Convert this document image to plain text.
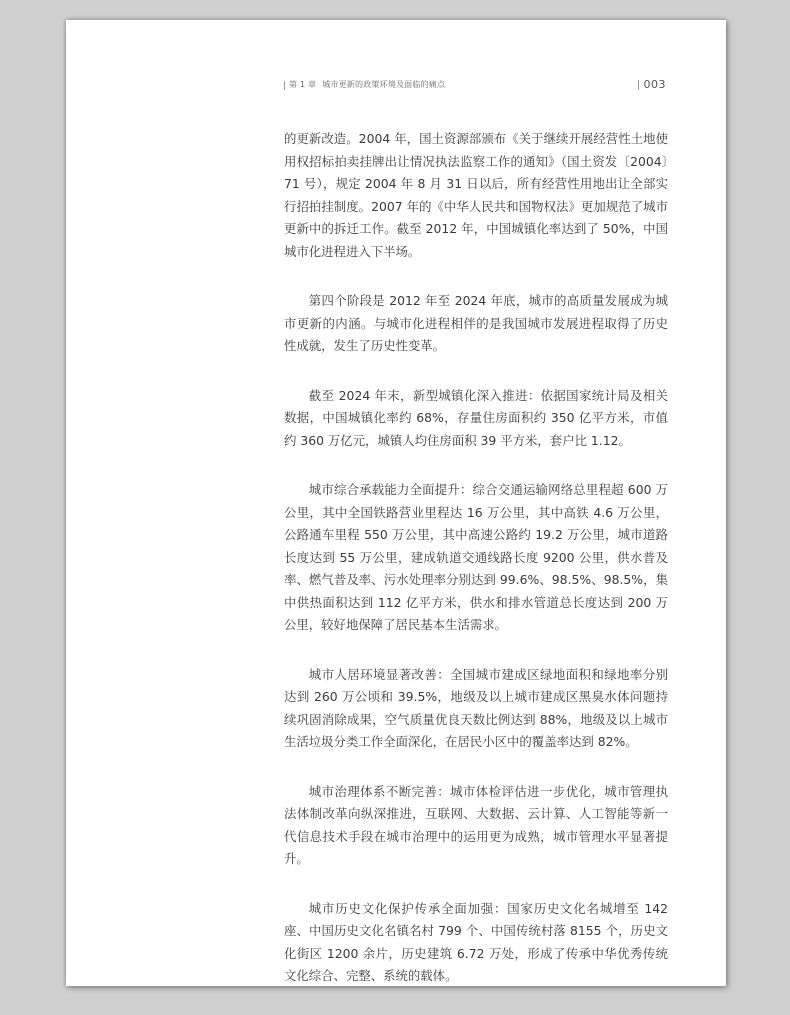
第 1 章 城市更新的政策环境及面临的痛点	003

的更新改造。2004 年，国土资源部颁布《关于继续开展经营性土地使用权招标拍卖挂牌出让情况执法监察工作的通知》（国土资发〔2004〕71 号），规定 2004 年 8 月 31 日以后，所有经营性用地出让全部实行招拍挂制度。2007 年的《中华人民共和国物权法》更加规范了城市更新中的拆迁工作。截至 2012 年，中国城镇化率达到了 50%，中国城市化进程进入下半场。

第四个阶段是 2012 年至 2024 年底，城市的高质量发展成为城市更新的内涵。与城市化进程相伴的是我国城市发展进程取得了历史性成就，发生了历史性变革。

截至 2024 年末，新型城镇化深入推进：依据国家统计局及相关数据，中国城镇化率约 68%，存量住房面积约 350 亿平方米，市值约 360 万亿元，城镇人均住房面积 39 平方米，套户比 1.12。

城市综合承载能力全面提升：综合交通运输网络总里程超 600 万公里，其中全国铁路营业里程达 16 万公里，其中高铁 4.6 万公里，公路通车里程 550 万公里，其中高速公路约 19.2 万公里，城市道路长度达到 55 万公里，建成轨道交通线路长度 9200 公里，供水普及率、燃气普及率、污水处理率分别达到 99.6%、98.5%、98.5%，集中供热面积达到 112 亿平方米，供水和排水管道总长度达到 200 万公里，较好地保障了居民基本生活需求。

城市人居环境显著改善：全国城市建成区绿地面积和绿地率分别达到 260 万公顷和 39.5%，地级及以上城市建成区黑臭水体问题持续巩固消除成果，空气质量优良天数比例达到 88%，地级及以上城市生活垃圾分类工作全面深化，在居民小区中的覆盖率达到 82%。

城市治理体系不断完善：城市体检评估进一步优化，城市管理执法体制改革向纵深推进，互联网、大数据、云计算、人工智能等新一代信息技术手段在城市治理中的运用更为成熟，城市管理水平显著提升。

城市历史文化保护传承全面加强：国家历史文化名城增至 142 座、中国历史文化名镇名村 799 个、中国传统村落 8155 个，历史文化街区 1200 余片，历史建筑 6.72 万处，形成了传承中华优秀传统文化综合、完整、系统的载体。
